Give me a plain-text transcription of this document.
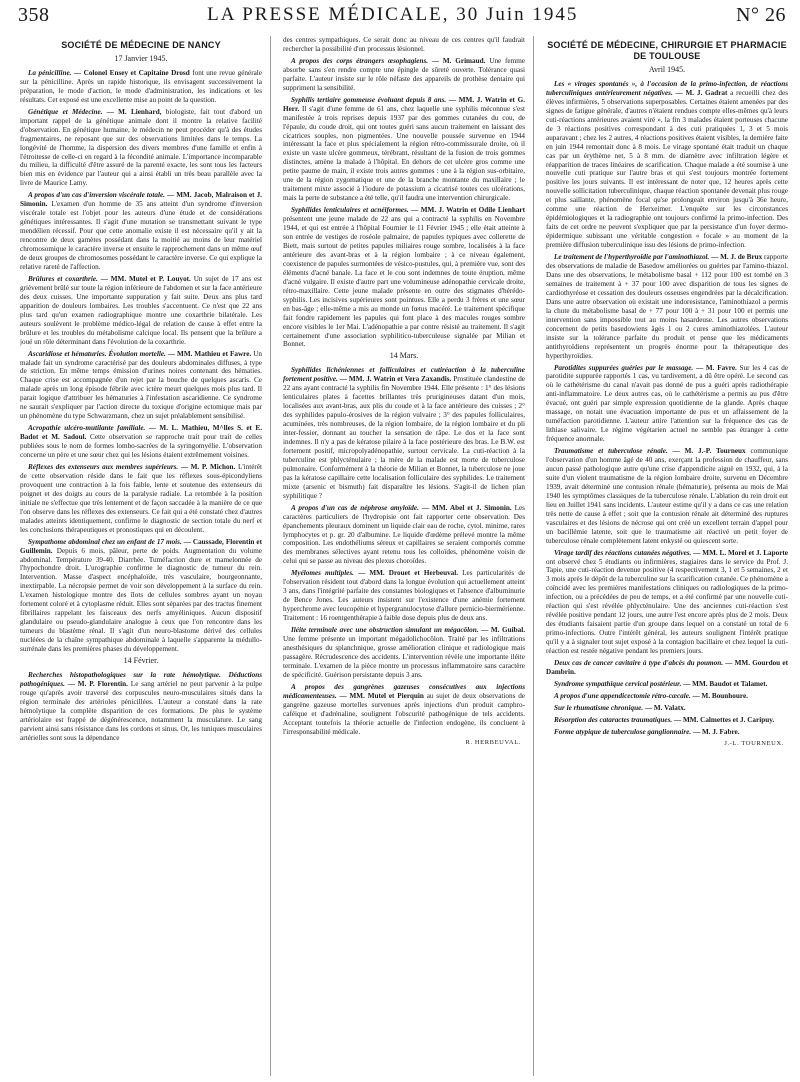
358	LA PRESSE MÉDICALE, 30 Juin 1945	N° 26
SOCIÉTÉ DE MÉDECINE DE NANCY
17 Janvier 1945.

La pénicilline. — Colonel Ensey et Capitaine Drosd font une revue générale sur la pénicilline. Après un rapide historique, ils envisagent successivement la préparation, le mode d'action, le mode d'administration, les indications et les résultats. Cet exposé est une excellente mise au point de la question.

Génétique et Médecine. — M. Lienhard, biologiste, fait tout d'abord un important rappel de la génétique animale dont il montre la relative facilité d'observation. En génétique humaine, le médecin ne peut procéder qu'à des études fragmentaires, ne reposant que sur des observations limitées dans le temps. La longévité de l'homme, la dispersion des divers membres d'une famille et enfin à l'étroitesse de celle-ci en regard à la fécondité animale. L'importance incomparable du milieu, la difficulté d'être assuré de la parenté exacte, les sont tous les facteurs bien mis en évidence par l'auteur qui a ainsi établi un très beau parallèle avec la livre de Maurice Lamy.

A propos d'un cas d'inversion viscérale totale. — MM. Jacob, Malraison et J. Simonin. L'examen d'un homme de 35 ans atteint d'un syndrome d'inversion viscérale totale est l'objet pour les auteurs d'une étude et de considérations génétiques intéressantes. Il s'agit d'une mutation se transmettant suivant le type mendélien récessif. Pour que cette anomalie existe il est nécessaire qu'il y ait la rencontre de deux gamètes possédant dans la moitié au moins de leur matériel chromosomique le caractère inverse et ensuite le rapprochement dans un même œuf de deux groupes de chromosomes possédant le caractère inverse. Ce qui explique la relative rareté de l'affection.

Brûlures et coxarthrie. — MM. Mutel et P. Louyot. Un sujet de 17 ans est grièvement brûlé sur toute la région inférieure de l'abdomen et sur la face antérieure des deux cuisses. Une importante suppuration y fait suite. Deux ans plus tard apparition de douleurs lombaires. Les troubles s'accentuent. Ce n'est que 22 ans plus tard qu'un examen radiographique montre une coxarthrie bilatérale. Les auteurs soulèvent le problème médico-légal de relation de cause à effet entre la brûlure et les troubles du métabolisme calcique local. Ils pensent que la brûlure a joué un rôle déterminant dans l'évolution de la coxarthrie.

Ascaridiose et hématuries. Évolution mortelle. — MM. Mathieu et Fawre. Un malade fait un syndrome caractérisé par des douleurs abdominales diffuses, à type de striction. En même temps émission d'urines noires contenant des hématies. Chaque crise est accompagnée d'un rejet par la bouche de quelques ascaris. Ce malade après un long épisode fébrile avec ictère meurt quelques mois plus tard. Il parait logique d'attribuer les hématuries à l'infestation ascaridienne. Ce syndrome ne saurait s'expliquer par l'action directe du toxique d'origine ectomique mais par un phénomène du type Schwarzmann, chez un sujet préalablement sensibilisé.

Acropathie ulcéro-mutilante familiale. — M. L. Mathieu, M^lles S. et E. Badot et M. Sadoul. Cette observation se rapproche trait pour trait de celles publiées sous le nom de formes lombo-sacrées de la syringomyélie. L'observation concerne un père et une sœur chez qui les lésions étaient extrêmement voisines.

Réflexes des extenseurs aux membres supérieurs. — M. P. Michon. L'intérêt de cette observation réside dans le fait que les réflexes sous-épicondyliens provoquent une contraction à la fois faible, lente et soutenue des extenseurs du poignet et des doigts au cours de la paralysie radiale. La retombée à la position initiale ne s'effectue que très lentement et de façon saccadée à la manière de ce que l'on observe dans les réflexes des extenseurs. Ce fait qui a été constaté chez d'autres malades atteints identiquement, confirme le diagnostic de section totale du nerf et les conclusions thérapeutiques et pronostiques qui en découlent.

Sympathome abdominal chez un enfant de 17 mois. — Caussade, Florentin et Guillemin. Depuis 6 mois, pâleur, perte de poids. Augmentation du volume abdominal. Température 39-40. Diarrhée. Tuméfaction dure et mamelonnée de l'hypochondre droit. L'urographie confirme le diagnostic de tumeur du rein. Intervention. Masse d'aspect encéphaloïde, très vasculaire, bourgeonnante, inextirpable. La nécropsie permet de voir son développement à la surface du rein. L'examen histologique montre des îlots de cellules sombres ayant un noyau fortement coloré et à cytoplasme réduit. Elles sont séparées par des tractus finement fibrillaires rappelant les faisceaux des nerfs amyéliniques. Aucun dispositif glandulaire ou pseudo-glandulaire analogue à ceux que l'on rencontre dans les tumeurs du blastème rénal. Il s'agit d'un neuro-blastome dérivé des cellules nucléées de la chaîne sympathique abdominale à laquelle s'apparente la médullo-surrénale dans les premières phases du développement.

14 Février.

Recherches histopathologiques sur la rate hémolytique. Déductions pathogéniques. — M. P. Florentin. Le sang artériel ne peut parvenir à la pulpe rouge qu'après avoir traversé des corpuscules neuro-musculaires situés dans la région terminale des artérioles pénicillées. L'auteur a constaté dans la rate hémolytique la complète disparition de ces formations. De plus le système artériolaire est frappé de dégénérescence, notamment la musculature. Le sang parvient ainsi sans résistance dans les cordons et sinus. Or, les tuniques musculaires artérielles sont sous la dépendance

des centres sympathiques. Ce serait donc au niveau de ces centres qu'il faudrait rechercher la possibilité d'un processus lésionnel.

A propos des corps étrangers œsophagiens. — M. Grimaud. Une femme absorbe sans s'en rendre compte une épingle de sûreté ouverte. Tolérance quasi parfaite. L'auteur insiste sur le rôle néfaste des appareils de prothèse dentaire qui suppriment la sensibilité.

Syphilis tertiaire gommeuse évoluant depuis 8 ans. — MM. J. Watrin et G. Herr. Il s'agit d'une femme de 61 ans, chez laquelle une syphilis méconnue s'est manifestée à trois reprises depuis 1937 par des gommes cutanées du cou, de l'épaule, du coude droit, qui ont toutes guéri sans aucun traitement en laissant des cicatrices souples, non pigmentées. Une nouvelle poussée survenue en 1944 intéressant la face et plus spécialement la région rétro-commissurale droite, où il existe un vaste ulcère gommeux, térébrant, résultant de la fusion de trois gommes distinctes, amène la malade à l'hôpital. En dehors de cet ulcère gros comme une petite paume de main, il existe trois autres gommes : une à la région sus-orbitaire, une de la région zygomatique et une de la branche montante du maxillaire ; le traitement mixte associé à l'iodure de potassium a cicatrisé toutes ces ulcérations, mais la perte de substance a été telle, qu'il faudra une intervention chirurgicale.

Syphilides lenticulaires et acnéiformes. — MM. J. Watrin et Odile Lienhart présentent une jeune malade de 22 ans qui a contracté la syphilis en Novembre 1944, et qui est entrée à l'hôpital Fournier le 11 Février 1945 ; elle était atteinte à son entrée de vestiges de roséole palmaire, de papules typiques avec collerette de Biett, mais surtout de petites papules miliaires rouge sombre, localisées à la face antérieure des avant-bras et à la région lombaire ; à ce niveau également, coexistence de papules surmontées de vésico-pustules, qui, à première vue, sont des éléments d'acné banale. La face et le cou sont indemnes de toute éruption, même d'acné vulgaire. Il existe d'autre part une volumineuse adénopathie cervicale droite, rétro-maxillaire. Cette jeune malade présente en outre des stigmates d'hérédo-syphilis. Les incisives supérieures sont pointues. Elle a perdu 3 frères et une sœur en bas-âge ; elle-même a mis au monde un fœtus macéré. Le traitement spécifique fait fondre rapidement les papules qui font place à des macules rouges sombre encore visibles le 1er Mai. L'adénopathie a par contre résisté au traitement. Il s'agit certainement d'une association syphilitico-tuberculeuse signalée par Milian et Bonnet.

14 Mars.

Syphilides lichéniennes et folliculaires et cutiréaction à la tuberculine fortement positive. — MM. J. Watrin et Vera Zaxandis. Prostituée clandestine de 22 ans ayant contracté la syphilis fin Novembre 1944. Elle présente : 1° des lésions lenticulaires plates à facettes brillantes très prurigineuses datant d'un mois, localisées aux avant-bras, aux plis du coude et à la face antérieure des cuisses ; 2° des syphilides papulo-érosives de la région vulvaire ; 3° des papules folliculaires, acuminées, très nombreuses, de la région lombaire, de la région lombaire et du pli inter-fessier, donnant au toucher la sensation de râpe. Le dos et la face sont indemnes. Il n'y a pas de kératose pilaire à la face postérieure des bras. Le B.W. est fortement positif, micropolyadénopathie, surtout cervicale. La cuti-réaction à la tuberculine est phlycténulaire ; la mère de la malade est morte de tuberculose pulmonaire. Conformément à la théorie de Milian et Bonnet, la tuberculose ne joue pas la kératose capillaire cette localisation folliculaire des syphilides. Le traitement mixte (arsenic et bismuth) fait disparaître les lésions. S'agit-il de lichen plan syphilitique ?

A propos d'un cas de néphrose amyloïde. — MM. Abel et J. Simonin. Les caractères particuliers de l'hydropisie ont fait rapporter cette observation. Des épanchements pleuraux dominent un liquide clair eau de roche, cytol. minime, rares lymphocytes et p. gr. 20 d'albumine. Le liquide d'œdème prélevé montre la même composition. Les endothéliums séreux et capillaires se seraient comportés comme des membranes sélectives ayant retenu tous les colloïdes, phénomène voisin de celui qui se passe au niveau des plexus choroïdes.

Myélomes multiples. — MM. Drouet et Herbeuval. Les particularités de l'observation résident tout d'abord dans la longue évolution qui actuellement atteint 3 ans, dans l'intégrité parfaite des constantes biologiques et l'absence d'albuminurie de Bence Jones. Les auteurs insistent sur l'existence d'une anémie fortement hyperchrome avec leucopénie et hypergranulocytose d'allure pernicio-biermérienne. Traitement : 16 roentgenthérapie à faible dose depuis plus de deux ans.

Iléite terminale avec une obstruction simulant un mégacôlon. — M. Guibal. Une femme présente un important mégadolichocôlon. Traité par les infiltrations anesthésiques du splanchnique, grosse amélioration clinique et radiologique mais passagère. Récrudescence des accidents. L'intervention révèle une importante iléite terminale. L'examen de la pièce montre un processus inflammatoire sans caractère de spécificité. Guérison persistante depuis 3 ans.

A propos des gangrènes gazeuses consécutives aux injections médicamenteuses. — MM. Mutel et Pierquin au sujet de deux observations de gangrène gazeuse mortelles survenues après injections d'un produit camphro-caféique et d'adrénaline, soulignent l'obscurité pathogénique de tels accidents. Acceptant toutefois la théorie actuelle de l'infection endogène, ils concluent à l'irresponsabilité médicale.

R. HERBEUVAL.
SOCIÉTÉ DE MÉDECINE, CHIRURGIE ET PHARMACIE DE TOULOUSE
Avril 1945.

Les « virages spontanés », à l'occasion de la primo-infection, de réactions tuberculiniques antérieurement négatives. — M. J. Gadrat a recueilli chez des élèves infirmières, 5 observations superposables. Certaines étaient amenées par des signes de fatigue générale, d'autres n'étaient rendues compte elles-mêmes qu'à leurs cuti-réactions antérieures avaient viré », la fin 3 malades étaient porteuses chacune de 3 réactions positives correspondant à des cuti pratiquées 1, 3 et 5 mois auparavant ; chez les 2 autres, 4 réactions positives étaient visibles, la dernière faite en juin 1944 remontait donc à 8 mois. Le virage spontané était traduit un chaque cas par un érythème net, 5 à 8 mm. de diamètre avec infiltration légère et réapparition de traces linéaires de scarification. Chaque malade a été soumise à une nouvelle cuti pratique sur l'autre bras et qui s'est toujours montrée fortement positive les jours suivants. Il est intéressant de noter que, 12 heures après cette nouvelle sollicitation tuberculinique, chaque réaction spontanée devenait plus rouge et plus saillante, phénomène focal qu'se prolongeait environ jusqu'à 36e heure, comme une réaction de Herxeimer. L'enquête sur les circonstances épidémiologiques et la radiographie ont toujours confirmé la primo-infection. Des faits de cet ordre ne peuvent s'expliquer que par la persistance d'un foyer dermo-épidermique subissant une véritable congestion « focale » au moment de la première diffusion tuberculinique issu des lésions de primo-infection.

Le traitement de l'hyperthyroïdie par l'aminothiazol. — M. J. de Brux rapporte des observations de maladie de Basedow améliorées ou guéries par l'amino-thiazol. Dans une des observations, le métabolisme basal + 112 pour 100 est tombé en 3 semaines de traitement à + 37 pour 100 avec disparition de tous les signes de cardiothyréose et cessation des douleurs osseuses engendrées par la décalcification. Dans une autre observation où existait une indoresistance, l'aminothiazol a permis la chute du métabolisme basal de + 77 pour 100 à + 31 pour 100 et permis une intervention sans impossible tout au moins hasardeuse. Les autres observations concernent de petits basedowiens âgés 1 ou 2 cures aminothiazolées. L'auteur insiste sur la tolérance parfaite du produit et pense que les médicaments antithyroïdiens représentent un progrès énorme pour la thérapeutique des hyperthyroïdies.

Parotidites suppurées guéries par le massage. — M. Favre. Sur les 4 cas de parotidite suppurée rapportés 1 cas, vu tardivement, a dû être opéré. Le second cas où le cathétérisme du canal n'avait pas donné de pus a guéri après radiothérapie anti-inflammatoire. Le deux autres cas, où le cathétérisme a permis au pus d'être évacué, ont guéri par simple expression quotidienne de la glande. Après chaque massage, on notait une évacuation importante de pus et un affaissement de la tuméfaction parotidienne. L'auteur attire l'attention sur la fréquence des cas de lithiase salivaire. Le régime végétarien actuel ne semble pas étranger à cette fréquence anormale.

Traumatisme et tuberculose rénale. — M. J.-P. Tourneux communique l'observation d'un homme âgé de 40 ans, exerçant la profession de chauffeur, sans aucun passé pathologique autre qu'une crise d'appendicite aiguë en 1932, qui, à la suite d'un violent traumatisme de la région lombaire droite, survenu en Décembre 1939, avait déterminé une contusion rénale (hématurie), présenta au mois de Mai 1940 les symptômes classiques de la tuberculose rénale. L'ablation du rein droit eut lieu en Juillet 1941 sans incidents. L'auteur estime qu'il y a dans ce cas une relation très nette de cause à effet ; soit que la contusion rénale ait déterminé des ruptures vasculaires et des lésions de nécrose qui ont créé un excellent terrain d'appel pour un bacillémie latente, soit que le traumatisme ait réactivé un petit foyer de tuberculose rénale complètement latent enkysté ou quiescent sorte.

Virage tardif des réactions cutanées négatives. — MM. L. Morel et J. Laporte ont observé chez 5 étudiants ou infirmières, stagiaires dans le service du Prof. J. Tapie, une cuti-réaction devenue positive (4 respectivement 3, 1 et 5 semaines, 2 et 3 mois après le dépôt de la tuberculine sur la scarification cutanée. Ce phénomène a coïncidé avec les premières manifestations cliniques ou radiologiques de la primo-infection, ou a précédées de peu de temps, et a été confirmé par une nouvelle cuti-réaction qui s'est révélée phlycténulaire. Une des anciennes cuti-réaction s'est révélée positive pendant 12 jours, une autre l'est encore après plus de 2 mois. Deux des étudiants faisaient partie d'un groupe dans lequel on a constaté un total de 6 primo-infections. Outre l'intérêt général, les auteurs soulignent l'intérêt pratique qu'il y a à signaler tout sujet exposé à la contagion bacillaire et chez lequel la cuti-réaction est restée négative pendant les premiers jours.

Deux cas de cancer cavitaire à type d'abcès du poumon. — MM. Gourdou et Dambrin.

Syndrome sympathique cervical postérieur. — MM. Baudot et Talamet.

A propos d'une appendicectomie rétro-cæcale. — M. Bounhoure.

Sur le rhumatisme chronique. — M. Valatx.

Résorption des cataractes traumatiques. — MM. Calmettes et J. Caripuy.

Forme atypique de tuberculose ganglionnaire. — M. J. Fabre.

J.-L. TOURNEUX.
